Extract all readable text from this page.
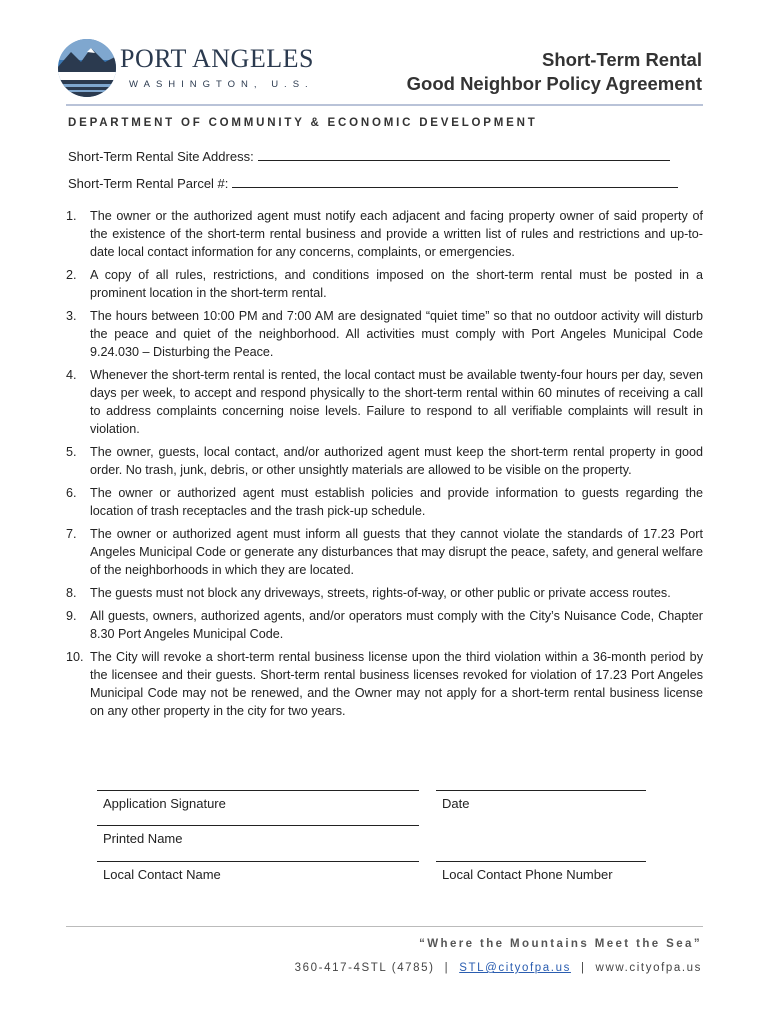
PORT ANGELES
WASHINGTON, U.S.
Short-Term Rental
Good Neighbor Policy Agreement
DEPARTMENT OF COMMUNITY & ECONOMIC DEVELOPMENT
Short-Term Rental Site Address:
Short-Term Rental Parcel #:
1. The owner or the authorized agent must notify each adjacent and facing property owner of said property of the existence of the short-term rental business and provide a written list of rules and restrictions and up-to-date local contact information for any concerns, complaints, or emergencies.
2. A copy of all rules, restrictions, and conditions imposed on the short-term rental must be posted in a prominent location in the short-term rental.
3. The hours between 10:00 PM and 7:00 AM are designated “quiet time” so that no outdoor activity will disturb the peace and quiet of the neighborhood. All activities must comply with Port Angeles Municipal Code 9.24.030 – Disturbing the Peace.
4. Whenever the short-term rental is rented, the local contact must be available twenty-four hours per day, seven days per week, to accept and respond physically to the short-term rental within 60 minutes of receiving a call to address complaints concerning noise levels. Failure to respond to all verifiable complaints will result in violation.
5. The owner, guests, local contact, and/or authorized agent must keep the short-term rental property in good order. No trash, junk, debris, or other unsightly materials are allowed to be visible on the property.
6. The owner or authorized agent must establish policies and provide information to guests regarding the location of trash receptacles and the trash pick-up schedule.
7. The owner or authorized agent must inform all guests that they cannot violate the standards of 17.23 Port Angeles Municipal Code or generate any disturbances that may disrupt the peace, safety, and general welfare of the neighborhoods in which they are located.
8. The guests must not block any driveways, streets, rights-of-way, or other public or private access routes.
9. All guests, owners, authorized agents, and/or operators must comply with the City’s Nuisance Code, Chapter 8.30 Port Angeles Municipal Code.
10. The City will revoke a short-term rental business license upon the third violation within a 36-month period by the licensee and their guests. Short-term rental business licenses revoked for violation of 17.23 Port Angeles Municipal Code may not be renewed, and the Owner may not apply for a short-term rental business license on any other property in the city for two years.
Application Signature	Date
Printed Name
Local Contact Name	Local Contact Phone Number
“Where the Mountains Meet the Sea”
360-417-4STL (4785) | STL@cityofpa.us | www.cityofpa.us
